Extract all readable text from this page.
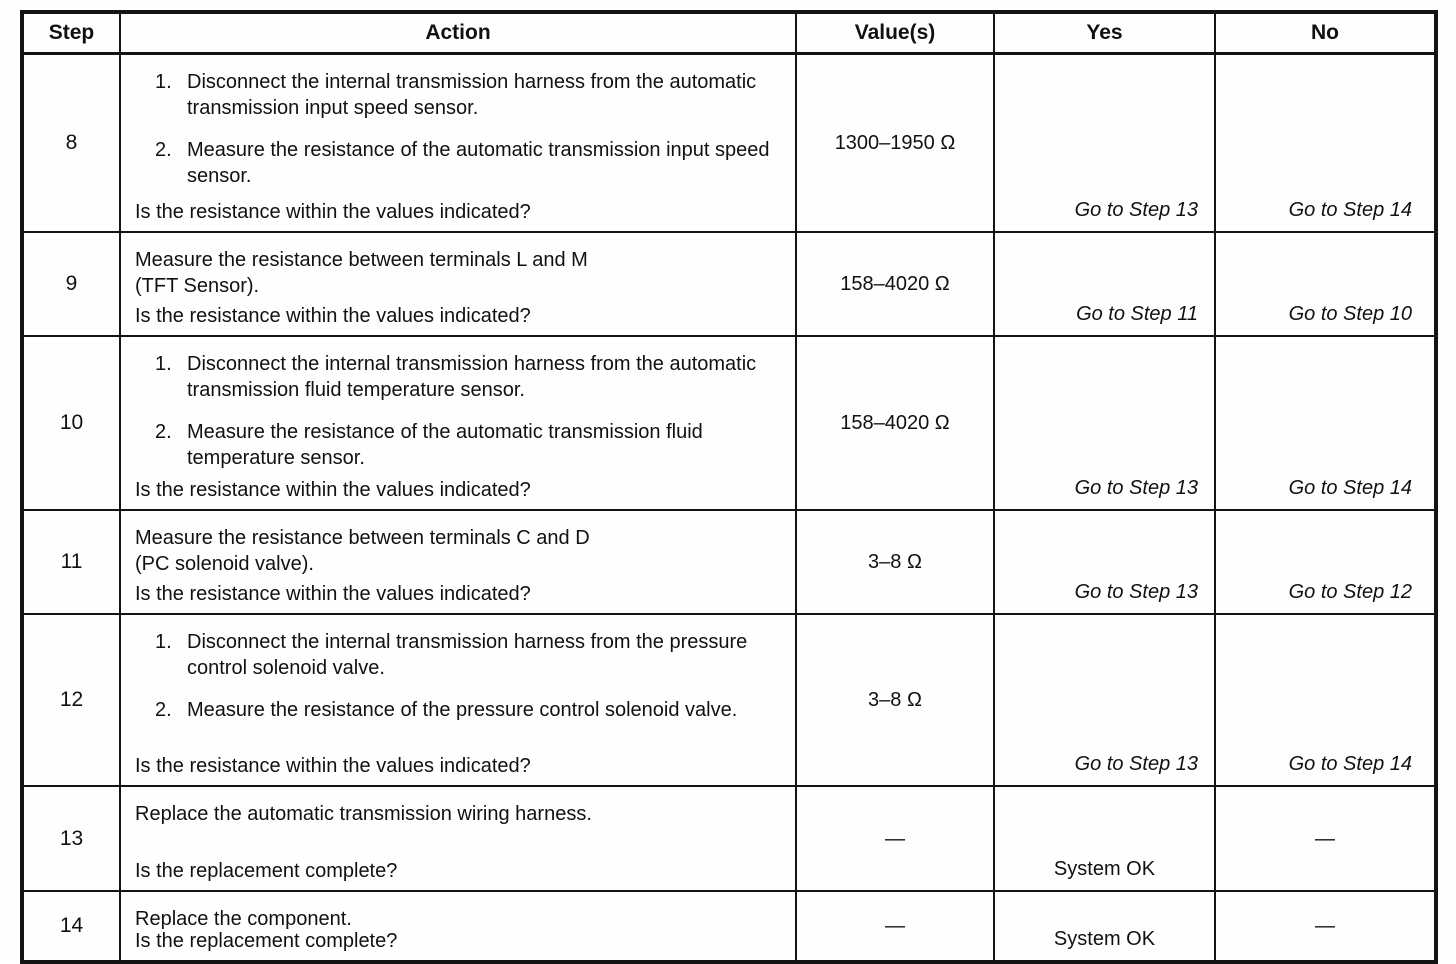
Step	Action	Value(s)	Yes	No
8	1. Disconnect the internal transmission harness from the automatic transmission input speed sensor.
2. Measure the resistance of the automatic transmission input speed sensor.
Is the resistance within the values indicated?	1300–1950 Ω	Go to Step 13	Go to Step 14

9	Measure the resistance between terminals L and M
(TFT Sensor).
Is the resistance within the values indicated?	158–4020 Ω	Go to Step 11	Go to Step 10

10	1. Disconnect the internal transmission harness from the automatic transmission fluid temperature sensor.
2. Measure the resistance of the automatic transmission fluid temperature sensor.
Is the resistance within the values indicated?	158–4020 Ω	Go to Step 13	Go to Step 14

11	Measure the resistance between terminals C and D
(PC solenoid valve).
Is the resistance within the values indicated?	3–8 Ω	Go to Step 13	Go to Step 12

12	1. Disconnect the internal transmission harness from the pressure control solenoid valve.
2. Measure the resistance of the pressure control solenoid valve.
Is the resistance within the values indicated?	3–8 Ω	Go to Step 13	Go to Step 14

13	Replace the automatic transmission wiring harness.
Is the replacement complete?	—	System OK	—

14	Replace the component.
Is the replacement complete?	—	System OK	—
